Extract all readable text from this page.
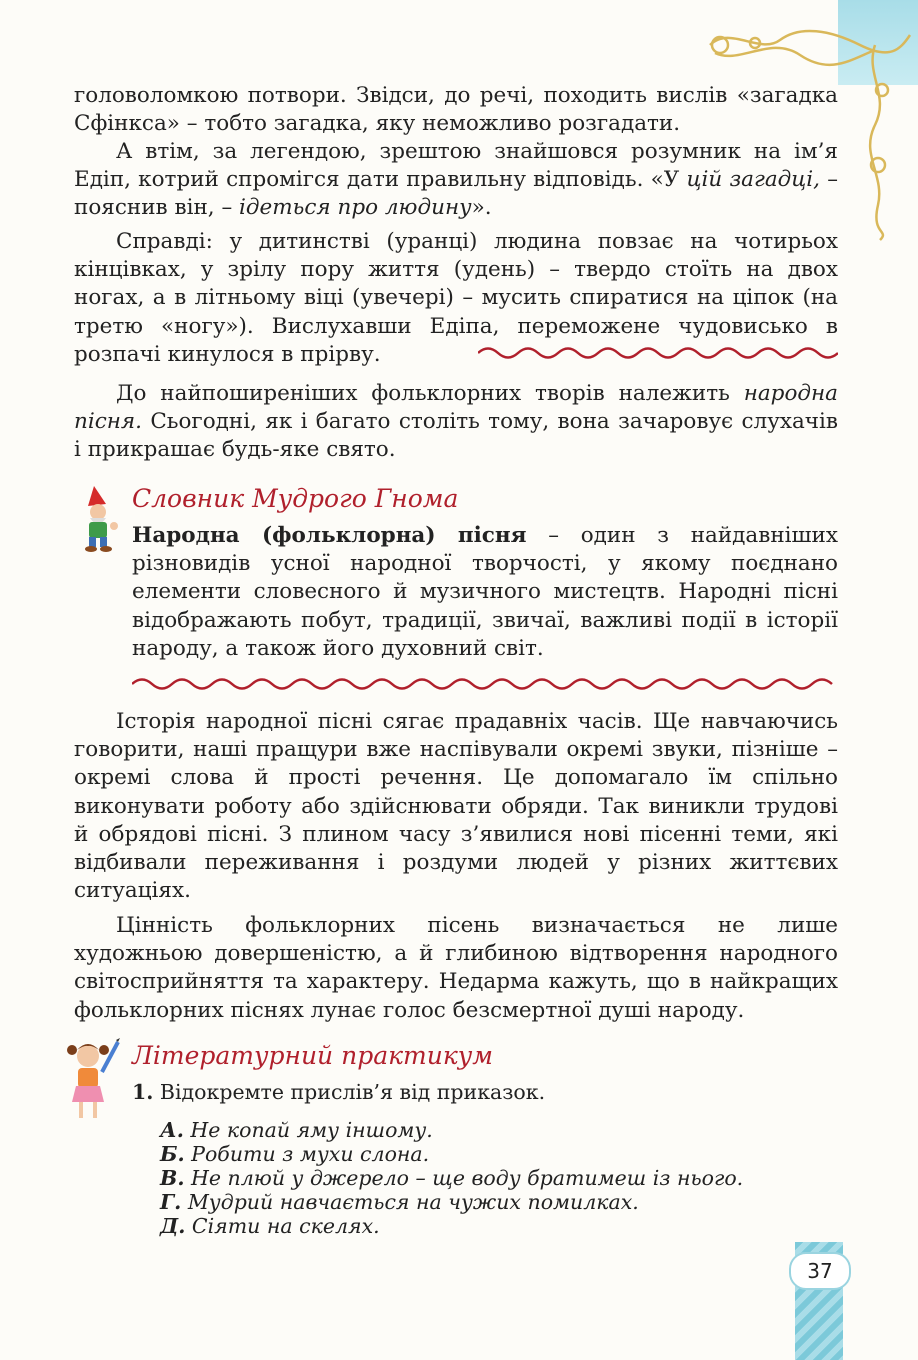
головоломкою потвори. Звідси, до речі, походить вислів «загадка Сфінкса» – тобто загадка, яку неможливо розгадати.

А втім, за легендою, зрештою знайшовся розумник на ім’я Едіп, котрий спромігся дати правильну відповідь. «У цій загадці, – пояснив він, – ідеться про людину».

Справді: у дитинстві (уранці) людина повзає на чотирьох кінцівках, у зрілу пору життя (удень) – твердо стоїть на двох ногах, а в літньому віці (увечері) – мусить спиратися на ціпок (на третю «ногу»). Вислухавши Едіпа, переможене чудовисько в розпачі кинулося в прірву.

До найпоширеніших фольклорних творів належить народна пісня. Сьогодні, як і багато століть тому, вона зачаровує слухачів і прикрашає будь-яке свято.

Словник Мудрого Гнома

Народна (фольклорна) пісня – один з найдавніших різновидів усної народної творчості, у якому поєднано елементи словесного й музичного мистецтв. Народні пісні відображають побут, традиції, звичаї, важливі події в історії народу, а також його духовний світ.

Історія народної пісні сягає прадавніх часів. Ще навчаючись говорити, наші пращури вже наспівували окремі звуки, пізніше – окремі слова й прості речення. Це допомагало їм спільно виконувати роботу або здійснювати обряди. Так виникли трудові й обрядові пісні. З плином часу з’явилися нові пісенні теми, які відбивали переживання і роздуми людей у різних життєвих ситуаціях.

Цінність фольклорних пісень визначається не лише художньою довершеністю, а й глибиною відтворення народного світосприйняття та характеру. Недарма кажуть, що в найкращих фольклорних піснях лунає голос безсмертної душі народу.

Літературний практикум
1. Відокремте прислів’я від приказок.
А. Не копай яму іншому.
Б. Робити з мухи слона.
В. Не плюй у джерело – ще воду братимеш із нього.
Г. Мудрий навчається на чужих помилках.
Д. Сіяти на скелях.
37
